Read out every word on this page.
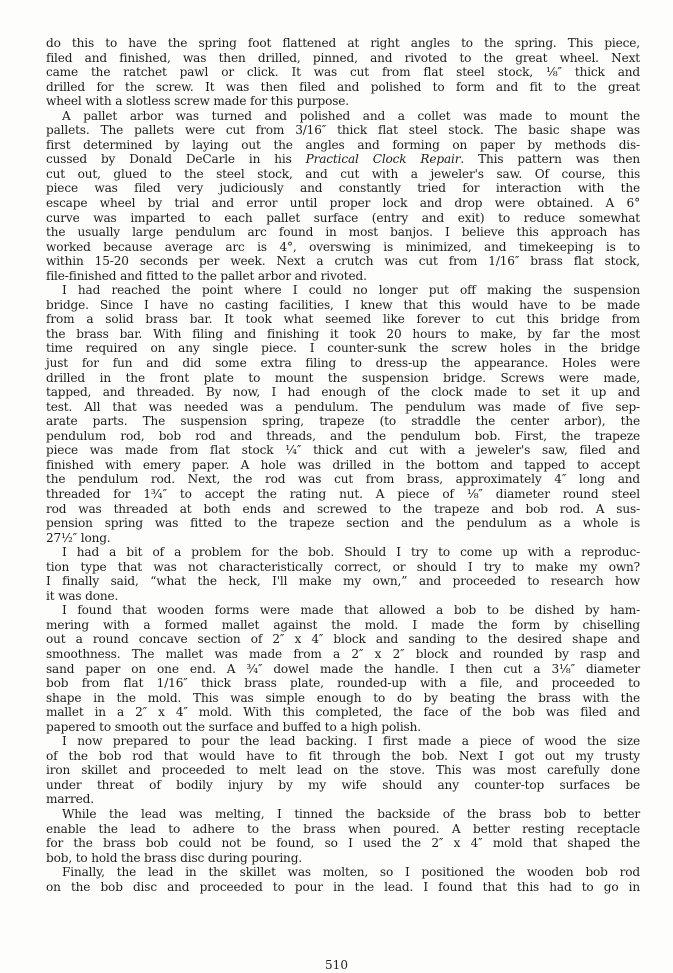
do this to have the spring foot flattened at right angles to the spring. This piece,
filed and finished, was then drilled, pinned, and rivoted to the great wheel. Next
came the ratchet pawl or click. It was cut from flat steel stock, ⅛″ thick and
drilled for the screw. It was then filed and polished to form and fit to the great
wheel with a slotless screw made for this purpose.
A pallet arbor was turned and polished and a collet was made to mount the
pallets. The pallets were cut from 3/16″ thick flat steel stock. The basic shape was
first determined by laying out the angles and forming on paper by methods dis-
cussed by Donald DeCarle in his Practical Clock Repair. This pattern was then
cut out, glued to the steel stock, and cut with a jeweler's saw. Of course, this
piece was filed very judiciously and constantly tried for interaction with the
escape wheel by trial and error until proper lock and drop were obtained. A 6°
curve was imparted to each pallet surface (entry and exit) to reduce somewhat
the usually large pendulum arc found in most banjos. I believe this approach has
worked because average arc is 4°, overswing is minimized, and timekeeping is to
within 15-20 seconds per week. Next a crutch was cut from 1/16″ brass flat stock,
file-finished and fitted to the pallet arbor and rivoted.
I had reached the point where I could no longer put off making the suspension
bridge. Since I have no casting facilities, I knew that this would have to be made
from a solid brass bar. It took what seemed like forever to cut this bridge from
the brass bar. With filing and finishing it took 20 hours to make, by far the most
time required on any single piece. I counter-sunk the screw holes in the bridge
just for fun and did some extra filing to dress-up the appearance. Holes were
drilled in the front plate to mount the suspension bridge. Screws were made,
tapped, and threaded. By now, I had enough of the clock made to set it up and
test. All that was needed was a pendulum. The pendulum was made of five sep-
arate parts. The suspension spring, trapeze (to straddle the center arbor), the
pendulum rod, bob rod and threads, and the pendulum bob. First, the trapeze
piece was made from flat stock ¼″ thick and cut with a jeweler's saw, filed and
finished with emery paper. A hole was drilled in the bottom and tapped to accept
the pendulum rod. Next, the rod was cut from brass, approximately 4″ long and
threaded for 1¾″ to accept the rating nut. A piece of ⅛″ diameter round steel
rod was threaded at both ends and screwed to the trapeze and bob rod. A sus-
pension spring was fitted to the trapeze section and the pendulum as a whole is
27½″ long.
I had a bit of a problem for the bob. Should I try to come up with a reproduc-
tion type that was not characteristically correct, or should I try to make my own?
I finally said, “what the heck, I'll make my own,” and proceeded to research how
it was done.
I found that wooden forms were made that allowed a bob to be dished by ham-
mering with a formed mallet against the mold. I made the form by chiselling
out a round concave section of 2″ x 4″ block and sanding to the desired shape and
smoothness. The mallet was made from a 2″ x 2″ block and rounded by rasp and
sand paper on one end. A ¾″ dowel made the handle. I then cut a 3⅛″ diameter
bob from flat 1/16″ thick brass plate, rounded-up with a file, and proceeded to
shape in the mold. This was simple enough to do by beating the brass with the
mallet in a 2″ x 4″ mold. With this completed, the face of the bob was filed and
papered to smooth out the surface and buffed to a high polish.
I now prepared to pour the lead backing. I first made a piece of wood the size
of the bob rod that would have to fit through the bob. Next I got out my trusty
iron skillet and proceeded to melt lead on the stove. This was most carefully done
under threat of bodily injury by my wife should any counter-top surfaces be
marred.
While the lead was melting, I tinned the backside of the brass bob to better
enable the lead to adhere to the brass when poured. A better resting receptacle
for the brass bob could not be found, so I used the 2″ x 4″ mold that shaped the
bob, to hold the brass disc during pouring.
Finally, the lead in the skillet was molten, so I positioned the wooden bob rod
on the bob disc and proceeded to pour in the lead. I found that this had to go in
510
